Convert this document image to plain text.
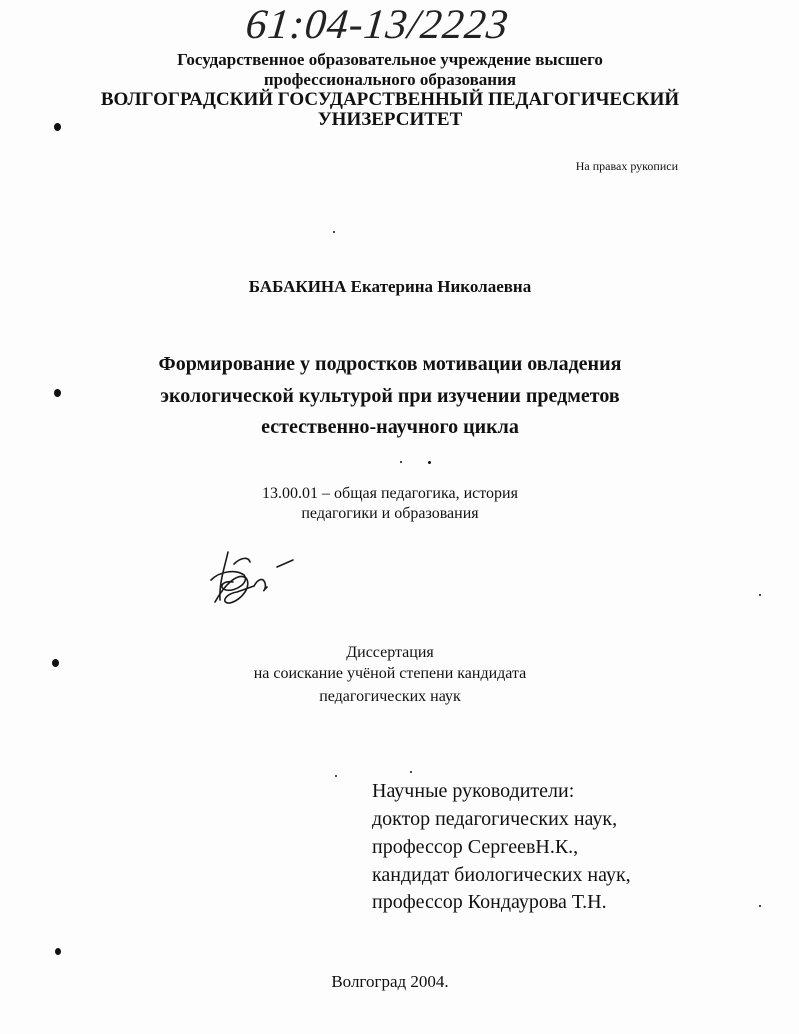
61:04-13/2223
Государственное образовательное учреждение высшего
профессионального образования
ВОЛГОГРАДСКИЙ ГОСУДАРСТВЕННЫЙ ПЕДАГОГИЧЕСКИЙ
УНИЗЕРСИТЕТ
На правах рукописи
БАБАКИНА Екатерина Николаевна
Формирование у подростков мотивации овладения
экологической культурой при изучении предметов
естественно-научного цикла
13.00.01 – общая педагогика, история
педагогики и образования
Диссертация
на соискание учёной степени кандидата
педагогических наук
Научные руководители:
доктор педагогических наук,
профессор СергеевН.К.,
кандидат биологических наук,
профессор Кондаурова Т.Н.
Волгоград 2004.
